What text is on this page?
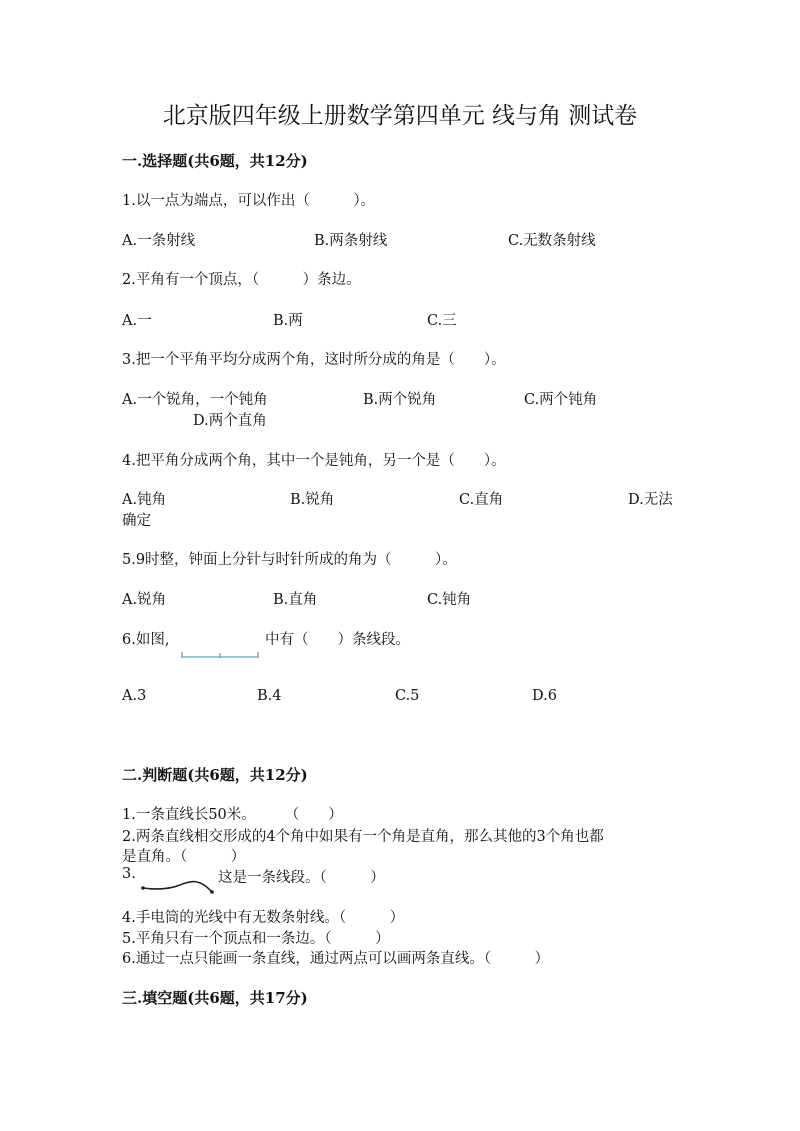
北京版四年级上册数学第四单元 线与角 测试卷
一.选择题(共6题，共12分)
1.以一点为端点，可以作出（　　　）。
A.一条射线	B.两条射线	C.无数条射线
2.平角有一个顶点，（　　　）条边。
A.一	B.两	C.三
3.把一个平角平均分成两个角，这时所分成的角是（　　）。
A.一个锐角，一个钝角	B.两个锐角	C.两个钝角
D.两个直角
4.把平角分成两个角，其中一个是钝角，另一个是（　　）。
A.钝角	B.锐角	C.直角	D.无法
确定
5.9时整，钟面上分针与时针所成的角为（　　　）。
A.锐角	B.直角	C.钝角
6.如图,	中有（　　）条线段。
A.3	B.4	C.5	D.6
二.判断题(共6题，共12分)
1.一条直线长50米。　　　（　　）
2.两条直线相交形成的4个角中如果有一个角是直角，那么其他的3个角也都
是直角。（　　　）
3.	这是一条线段。（　　　）
4.手电筒的光线中有无数条射线。（　　　）
5.平角只有一个顶点和一条边。（　　　）
6.通过一点只能画一条直线，通过两点可以画两条直线。（　　　）
三.填空题(共6题，共17分)
